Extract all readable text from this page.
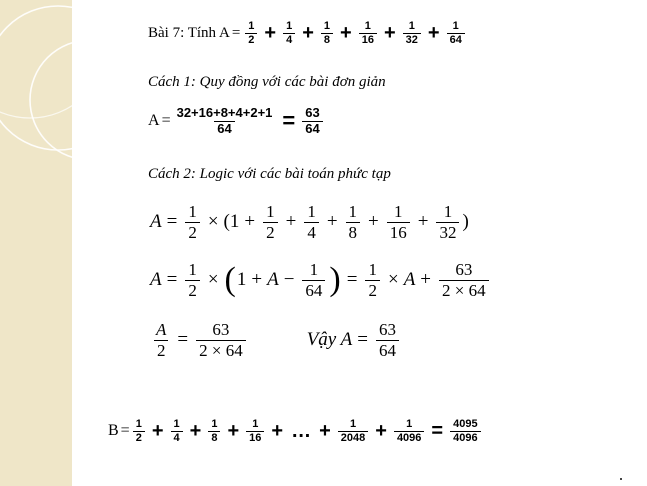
Bài 7: Tính $A = \frac{1}{2} + \frac{1}{4} + \frac{1}{8} + \frac{1}{16} + \frac{1}{32} + \frac{1}{64}$
Cách 1: Quy đồng với các bài đơn giản
$A = \frac{32+16+8+4+2+1}{64} = \frac{63}{64}$
Cách 2: Logic với các bài toán phức tạp
$A = \frac{1}{2}$ × ( $1 + \frac{1}{2} + \frac{1}{4} + \frac{1}{8} + \frac{1}{16} + \frac{1}{32}$ )
$A = \frac{1}{2}$ × ( $1 + A - \frac{1}{64}$ ) = $\frac{1}{2} \times A + \frac{63}{2 \times 64}$
$\frac{A}{2} = \frac{63}{2 \times 64}$	Vậy $A = \frac{63}{64}$
$B = \frac{1}{2} + \frac{1}{4} + \frac{1}{8} + \frac{1}{16}$ + … + $\frac{1}{2048} + \frac{1}{4096} = \frac{4095}{4096}$
